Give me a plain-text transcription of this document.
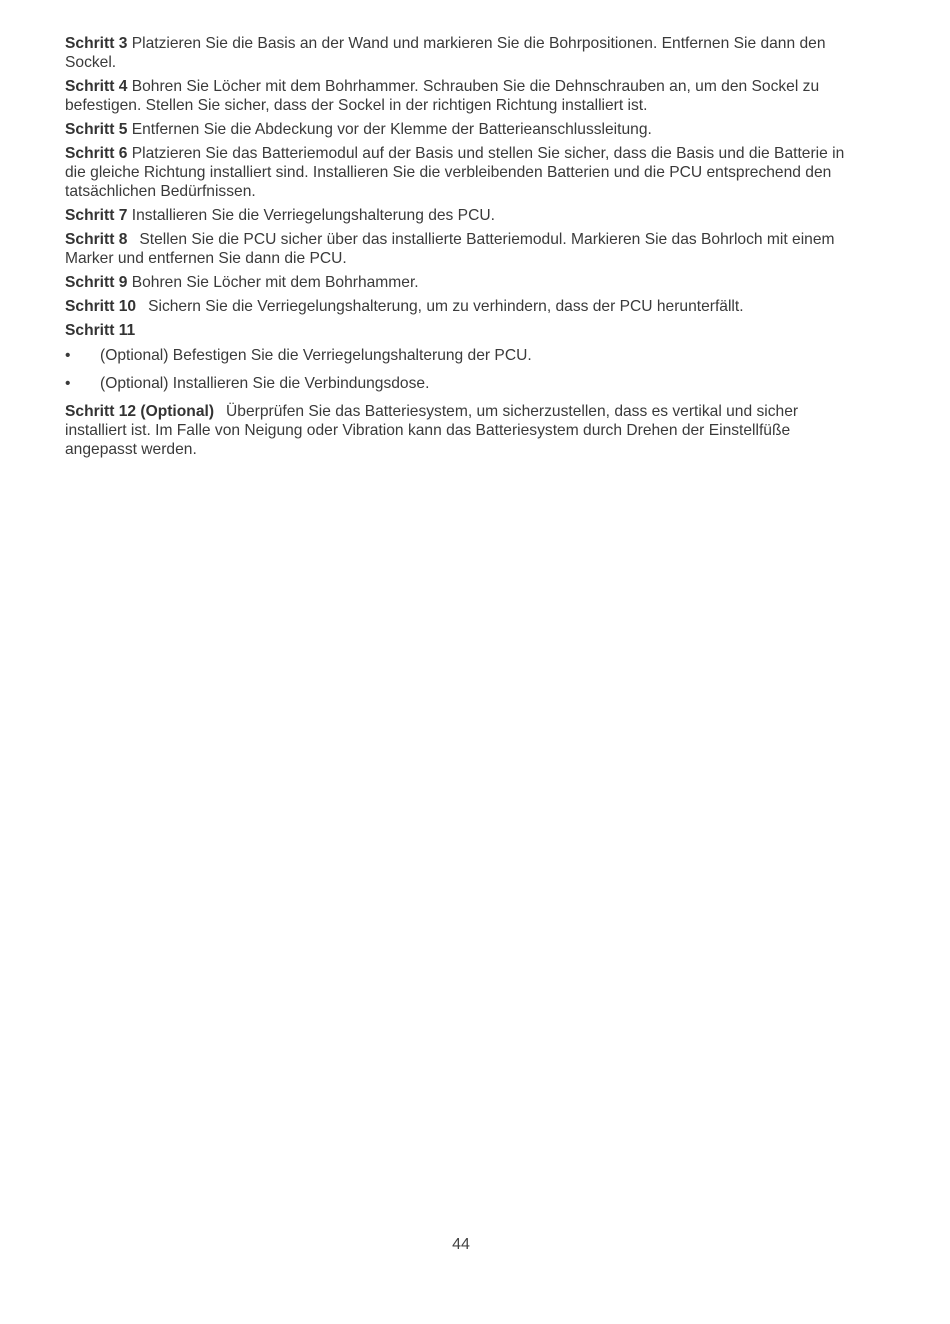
Schritt 3 Platzieren Sie die Basis an der Wand und markieren Sie die Bohrpositionen. Entfernen Sie dann den Sockel.

Schritt 4 Bohren Sie Löcher mit dem Bohrhammer. Schrauben Sie die Dehnschrauben an, um den Sockel zu befestigen. Stellen Sie sicher, dass der Sockel in der richtigen Richtung installiert ist.

Schritt 5 Entfernen Sie die Abdeckung vor der Klemme der Batterieanschlussleitung.

Schritt 6 Platzieren Sie das Batteriemodul auf der Basis und stellen Sie sicher, dass die Basis und die Batterie in die gleiche Richtung installiert sind. Installieren Sie die verbleibenden Batterien und die PCU entsprechend den tatsächlichen Bedürfnissen.

Schritt 7 Installieren Sie die Verriegelungshalterung des PCU.

Schritt 8 Stellen Sie die PCU sicher über das installierte Batteriemodul. Markieren Sie das Bohrloch mit einem Marker und entfernen Sie dann die PCU.

Schritt 9 Bohren Sie Löcher mit dem Bohrhammer.

Schritt 10 Sichern Sie die Verriegelungshalterung, um zu verhindern, dass der PCU herunterfällt.

Schritt 11

• (Optional) Befestigen Sie die Verriegelungshalterung der PCU.
• (Optional) Installieren Sie die Verbindungsdose.

Schritt 12 (Optional) Überprüfen Sie das Batteriesystem, um sicherzustellen, dass es vertikal und sicher installiert ist. Im Falle von Neigung oder Vibration kann das Batteriesystem durch Drehen der Einstellfüße angepasst werden.

44
